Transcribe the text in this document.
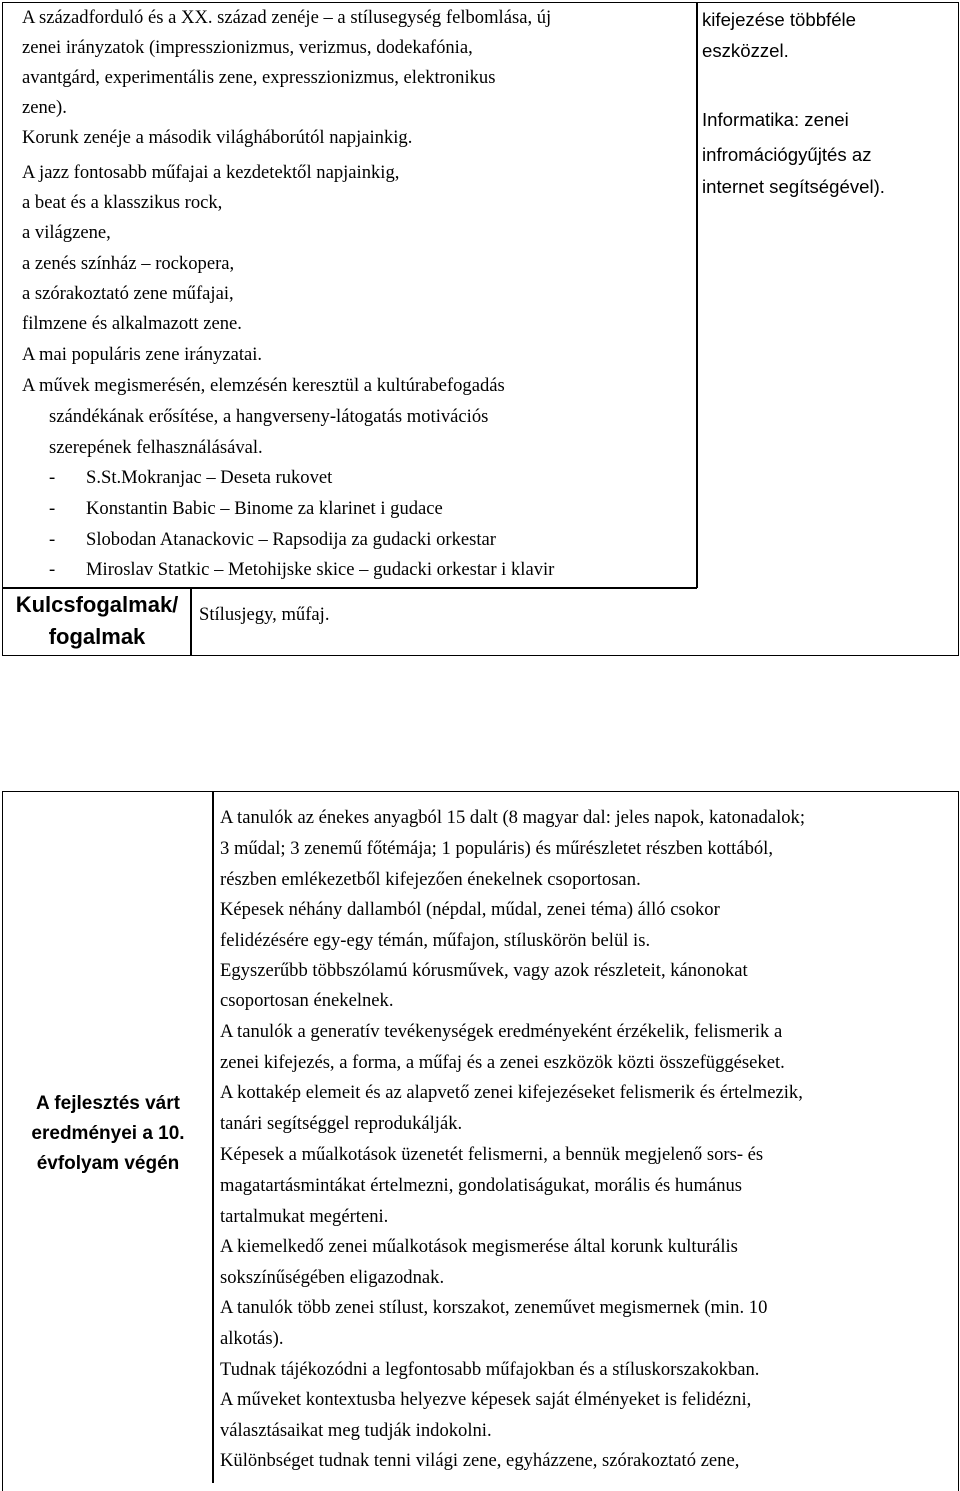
A századforduló és a XX. század zenéje – a stílusegység felbomlása, új
zenei irányzatok (impresszionizmus, verizmus, dodekafónia,
avantgárd, experimentális zene, expresszionizmus, elektronikus
zene).
Korunk zenéje a második világháborútól napjainkig.
A jazz fontosabb műfajai a kezdetektől napjainkig,
a beat és a klasszikus rock,
a világzene,
a zenés színház – rockopera,
a szórakoztató zene műfajai,
filmzene és alkalmazott zene.
A mai populáris zene irányzatai.
A művek megismerésén, elemzésén keresztül a kultúrabefogadás
szándékának erősítése, a hangverseny-látogatás motivációs
szerepének felhasználásával.
- S.St.Mokranjac – Deseta rukovet
- Konstantin Babic – Binome za klarinet i gudace
- Slobodan Atanackovic – Rapsodija za gudacki orkestar
- Miroslav Statkic – Metohijske skice – gudacki orkestar i klavir
kifejezése többféle
eszközzel.
Informatika: zenei
infromációgyűjtés az
internet segítségével).
Kulcsfogalmak/
fogalmak
Stílusjegy, műfaj.
A fejlesztés várt
eredményei a 10.
évfolyam végén
A tanulók az énekes anyagból 15 dalt (8 magyar dal: jeles napok, katonadalok;
3 műdal; 3 zenemű főtémája; 1 populáris) és műrészletet részben kottából,
részben emlékezetből kifejezően énekelnek csoportosan.
Képesek néhány dallamból (népdal, műdal, zenei téma) álló csokor
felidézésére egy-egy témán, műfajon, stíluskörön belül is.
Egyszerűbb többszólamú kórusművek, vagy azok részleteit, kánonokat
csoportosan énekelnek.
A tanulók a generatív tevékenységek eredményeként érzékelik, felismerik a
zenei kifejezés, a forma, a műfaj és a zenei eszközök közti összefüggéseket.
A kottakép elemeit és az alapvető zenei kifejezéseket felismerik és értelmezik,
tanári segítséggel reprodukálják.
Képesek a műalkotások üzenetét felismerni, a bennük megjelenő sors- és
magatartásmintákat értelmezni, gondolatiságukat, morális és humánus
tartalmukat megérteni.
A kiemelkedő zenei műalkotások megismerése által korunk kulturális
sokszínűségében eligazodnak.
A tanulók több zenei stílust, korszakot, zeneművet megismernek (min. 10
alkotás).
Tudnak tájékozódni a legfontosabb műfajokban és a stíluskorszakokban.
A műveket kontextusba helyezve képesek saját élményeket is felidézni,
választásaikat meg tudják indokolni.
Különbséget tudnak tenni világi zene, egyházzene, szórakoztató zene,
